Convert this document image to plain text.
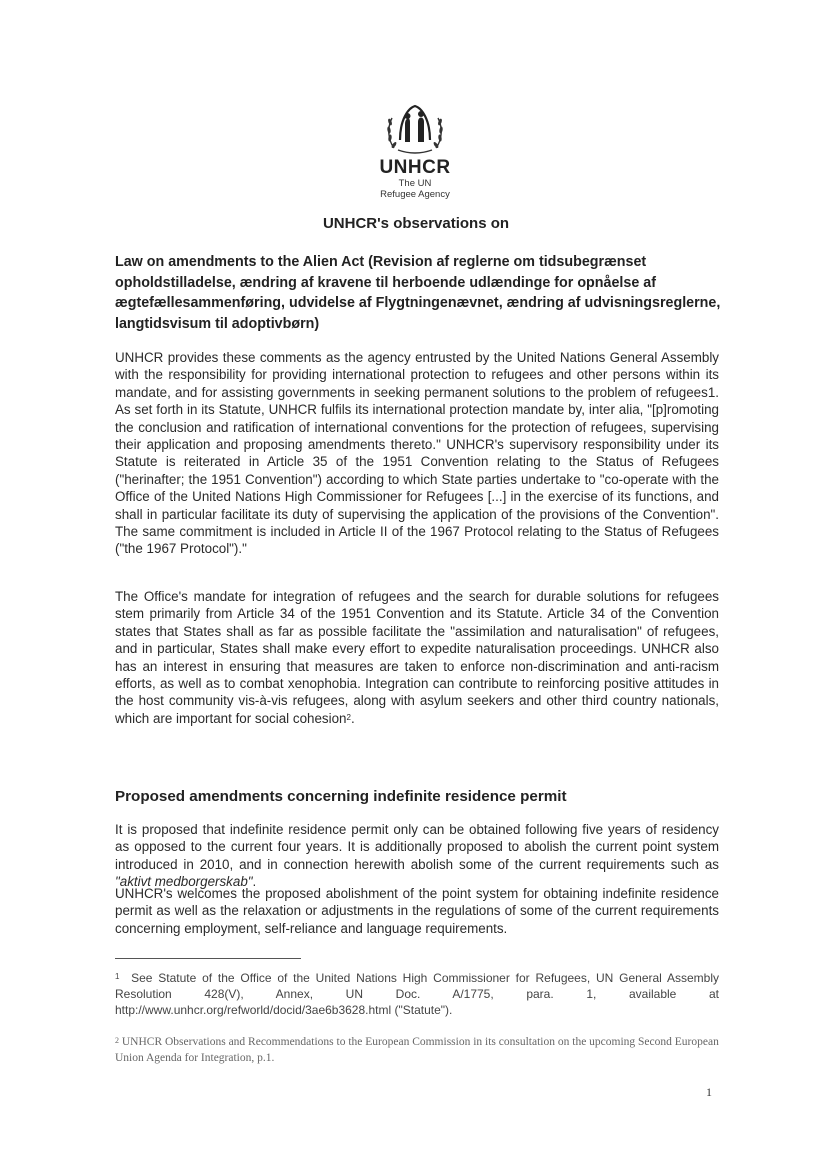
UNHCR
The UN
Refugee Agency
UNHCR's observations on
Law on amendments to the Alien Act (Revision af reglerne om tidsubegrænset opholdstilladelse, ændring af kravene til herboende udlændinge for opnåelse af ægtefællesammenføring, udvidelse af Flygtningenævnet, ændring af udvisningsreglerne, langtidsvisum til adoptivbørn)

UNHCR provides these comments as the agency entrusted by the United Nations General Assembly with the responsibility for providing international protection to refugees and other persons within its mandate, and for assisting governments in seeking permanent solutions to the problem of refugees1. As set forth in its Statute, UNHCR fulfils its international protection mandate by, inter alia, "[p]romoting the conclusion and ratification of international conventions for the protection of refugees, supervising their application and proposing amendments thereto." UNHCR's supervisory responsibility under its Statute is reiterated in Article 35 of the 1951 Convention relating to the Status of Refugees ("herinafter; the 1951 Convention") according to which State parties undertake to "co-operate with the Office of the United Nations High Commissioner for Refugees [...] in the exercise of its functions, and shall in particular facilitate its duty of supervising the application of the provisions of the Convention". The same commitment is included in Article II of the 1967 Protocol relating to the Status of Refugees ("the 1967 Protocol")."

The Office's mandate for integration of refugees and the search for durable solutions for refugees stem primarily from Article 34 of the 1951 Convention and its Statute. Article 34 of the Convention states that States shall as far as possible facilitate the "assimilation and naturalisation" of refugees, and in particular, States shall make every effort to expedite naturalisation proceedings. UNHCR also has an interest in ensuring that measures are taken to enforce non-discrimination and anti-racism efforts, as well as to combat xenophobia. Integration can contribute to reinforcing positive attitudes in the host community vis-à-vis refugees, along with asylum seekers and other third country nationals, which are important for social cohesion$^2$.

Proposed amendments concerning indefinite residence permit

It is proposed that indefinite residence permit only can be obtained following five years of residency as opposed to the current four years. It is additionally proposed to abolish the current point system introduced in 2010, and in connection herewith abolish some of the current requirements such as "aktivt medborgerskab".

UNHCR's welcomes the proposed abolishment of the point system for obtaining indefinite residence permit as well as the relaxation or adjustments in the regulations of some of the current requirements concerning employment, self-reliance and language requirements.

$^1$ See Statute of the Office of the United Nations High Commissioner for Refugees, UN General Assembly Resolution 428(V), Annex, UN Doc. A/1775, para. 1, available at http://www.unhcr.org/refworld/docid/3ae6b3628.html ("Statute").

$^2$ UNHCR Observations and Recommendations to the European Commission in its consultation on the upcoming Second European Union Agenda for Integration, p.1.

1
